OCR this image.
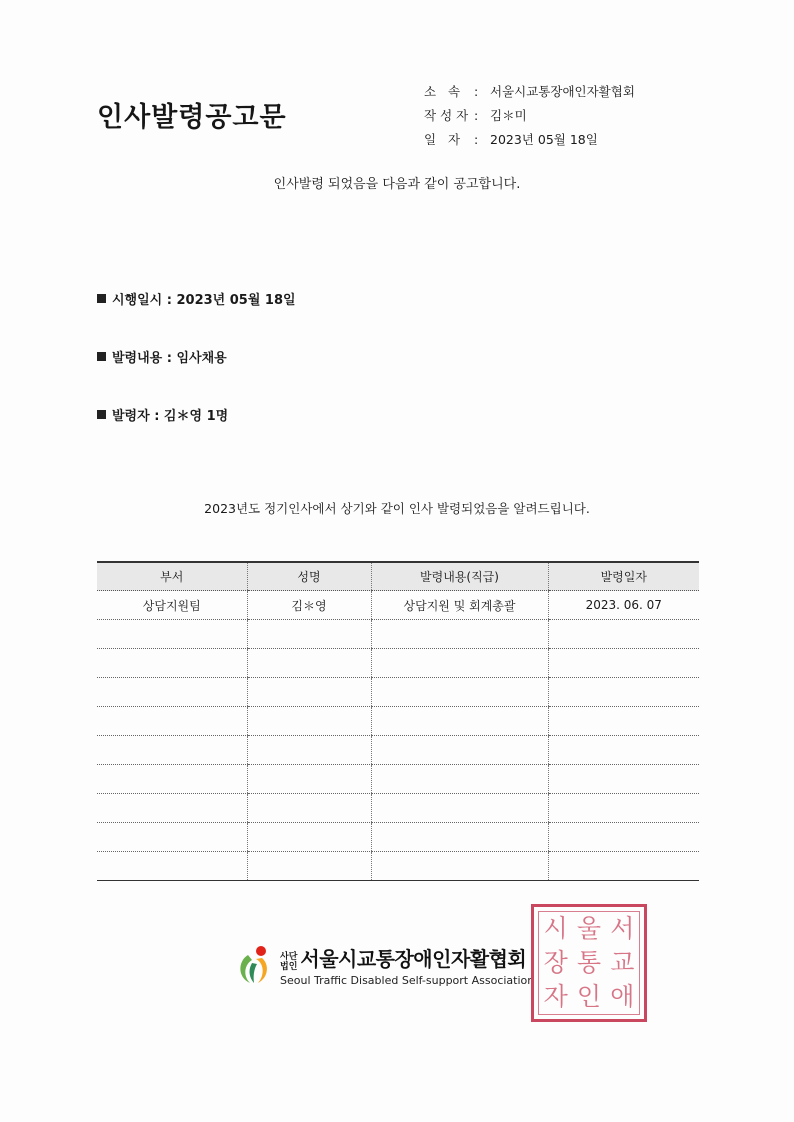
인사발령공고문
소 속 : 서울시교통장애인자활협회
작성자 : 김＊미
일 자 : 2023년 05월 18일
인사발령 되었음을 다음과 같이 공고합니다.
시행일시 : 2023년 05월 18일
발령내용 : 임사채용
발령자 : 김＊영 1명
2023년도 정기인사에서 상기와 같이 인사 발령되었음을 알려드립니다.
부서	성명	발령내용(직급)	발령일자
상담지원팀	김＊영	상담지원 및 회계총괄	2023. 06. 07

사단
법인 서울시교통장애인자활협회
Seoul Traffic Disabled Self-support Association
시 울 서
장 통 교
자 인 애
